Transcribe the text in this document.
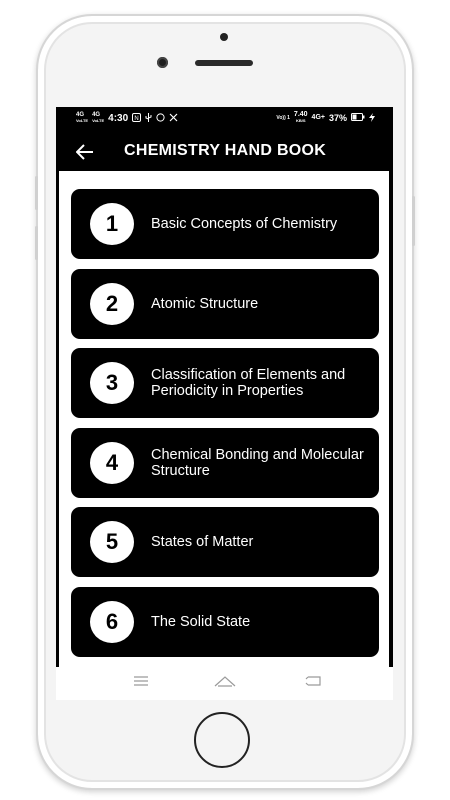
4G
VoLTE
4G
VoLTE 4:30 N	Vo)) 1 7.40
KB/S 4G+ 37%
CHEMISTRY HAND BOOK
1	Basic Concepts of Chemistry
2	Atomic Structure
3	Classification of Elements and Periodicity in Properties
4	Chemical Bonding and Molecular Structure
5	States of Matter
6	The Solid State
